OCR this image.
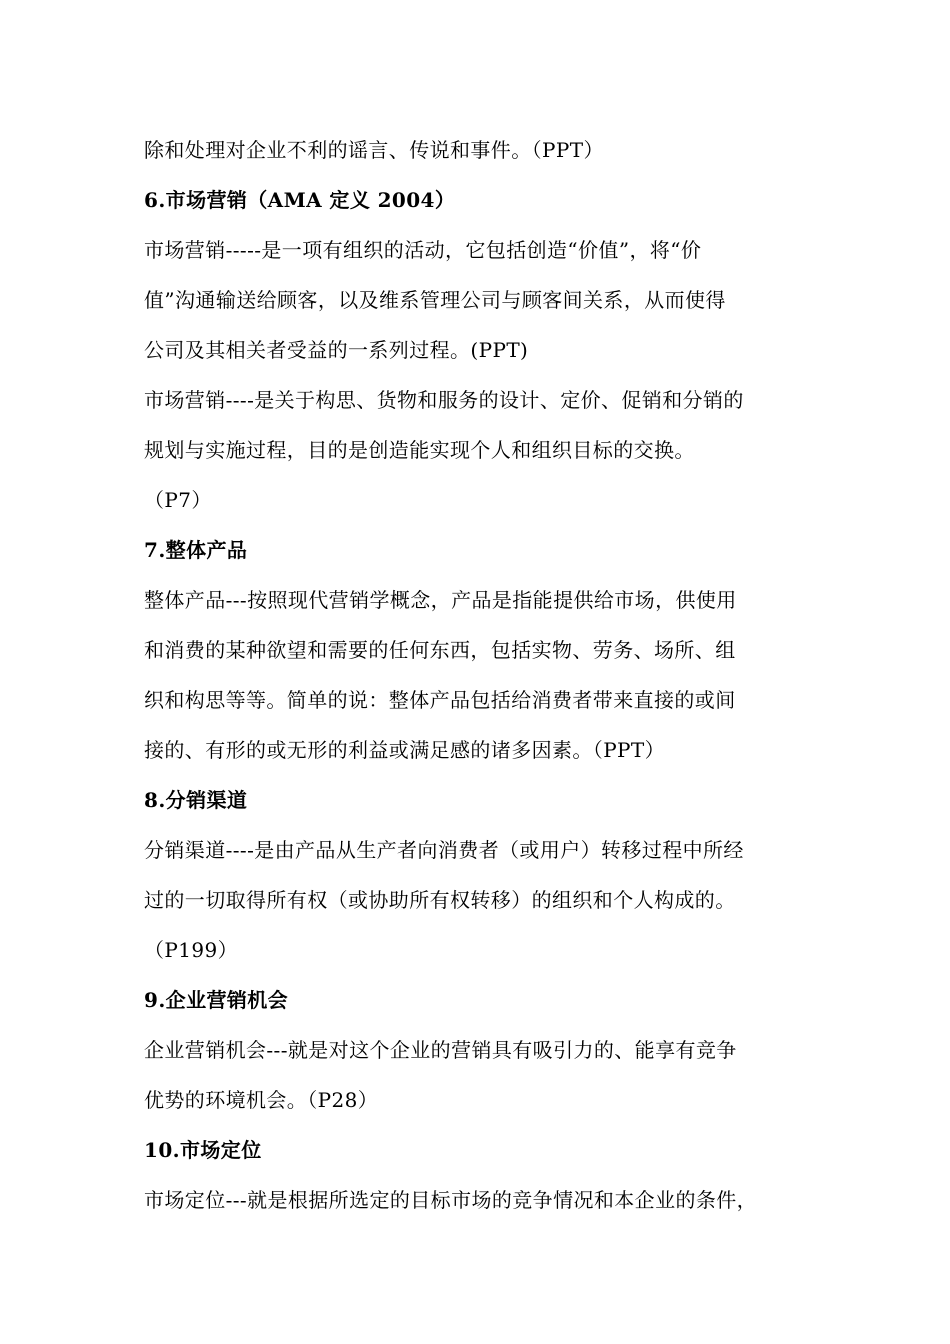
除和处理对企业不利的谣言、传说和事件。（PPT）
6.市场营销（AMA 定义 2004）
市场营销-----是一项有组织的活动，它包括创造“价值”，将“价
值”沟通输送给顾客，以及维系管理公司与顾客间关系，从而使得
公司及其相关者受益的一系列过程。(PPT)
市场营销----是关于构思、货物和服务的设计、定价、促销和分销的
规划与实施过程，目的是创造能实现个人和组织目标的交换。
（P7）
7.整体产品
整体产品---按照现代营销学概念，产品是指能提供给市场，供使用
和消费的某种欲望和需要的任何东西，包括实物、劳务、场所、组
织和构思等等。简单的说：整体产品包括给消费者带来直接的或间
接的、有形的或无形的利益或满足感的诸多因素。（PPT）
8.分销渠道
分销渠道----是由产品从生产者向消费者（或用户）转移过程中所经
过的一切取得所有权（或协助所有权转移）的组织和个人构成的。
（P199）
9.企业营销机会
企业营销机会---就是对这个企业的营销具有吸引力的、能享有竞争
优势的环境机会。（P28）
10.市场定位
市场定位---就是根据所选定的目标市场的竞争情况和本企业的条件，
